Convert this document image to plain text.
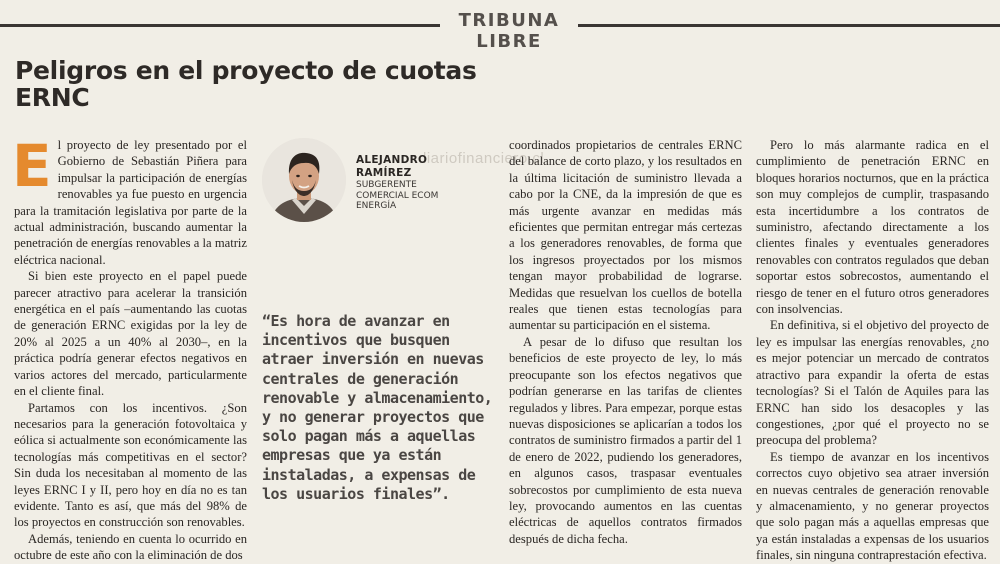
TRIBUNA LIBRE
diariofinanciero.cl
Peligros en el proyecto de cuotas
ERNC

El proyecto de ley presentado por el Gobierno de Sebastián Piñera para impulsar la participación de energías renovables ya fue puesto en urgencia para la tramitación legislativa por parte de la actual administración, buscando aumentar la penetración de energías renovables a la matriz eléctrica nacional.

Si bien este proyecto en el papel puede parecer atractivo para acelerar la transición energética en el país –aumentando las cuotas de generación ERNC exigidas por la ley de 20% al 2025 a un 40% al 2030–, en la práctica podría generar efectos negativos en varios actores del mercado, particularmente en el cliente final.

Partamos con los incentivos. ¿Son necesarios para la generación fotovoltaica y eólica si actualmente son económicamente las tecnologías más competitivas en el sector? Sin duda los necesitaban al momento de las leyes ERNC I y II, pero hoy en día no es tan evidente. Tanto es así, que más del 98% de los proyectos en construcción son renovables.

Además, teniendo en cuenta lo ocurrido en octubre de este año con la eliminación de dos

ALEJANDRO
RAMÍREZ
SUBGERENTE
COMERCIAL ECOM
ENERGÍA
“Es hora de avanzar en incentivos que busquen atraer inversión en nuevas centrales de generación renovable y almacenamiento, y no generar proyectos que solo pagan más a aquellas empresas que ya están instaladas, a expensas de los usuarios finales”.

coordinados propietarios de centrales ERNC del balance de corto plazo, y los resultados en la última licitación de suministro llevada a cabo por la CNE, da la impresión de que es más urgente avanzar en medidas más eficientes que permitan entregar más certezas a los generadores renovables, de forma que los ingresos proyectados por los mismos tengan mayor probabilidad de lograrse. Medidas que resuelvan los cuellos de botella reales que tienen estas tecnologías para aumentar su participación en el sistema.

A pesar de lo difuso que resultan los beneficios de este proyecto de ley, lo más preocupante son los efectos negativos que podrían generarse en las tarifas de clientes regulados y libres. Para empezar, porque estas nuevas disposiciones se aplicarían a todos los contratos de suministro firmados a partir del 1 de enero de 2022, pudiendo los generadores, en algunos casos, traspasar eventuales sobrecostos por cumplimiento de esta nueva ley, provocando aumentos en las cuentas eléctricas de aquellos contratos firmados después de dicha fecha.

Pero lo más alarmante radica en el cumplimiento de penetración ERNC en bloques horarios nocturnos, que en la práctica son muy complejos de cumplir, traspasando esta incertidumbre a los contratos de suministro, afectando directamente a los clientes finales y eventuales generadores renovables con contratos regulados que deban soportar estos sobrecostos, aumentando el riesgo de tener en el futuro otros generadores con insolvencias.

En definitiva, si el objetivo del proyecto de ley es impulsar las energías renovables, ¿no es mejor potenciar un mercado de contratos atractivo para expandir la oferta de estas tecnologías? Si el Talón de Aquiles para las ERNC han sido los desacoples y las congestiones, ¿por qué el proyecto no se preocupa del problema?

Es tiempo de avanzar en los incentivos correctos cuyo objetivo sea atraer inversión en nuevas centrales de generación renovable y almacenamiento, y no generar proyectos que solo pagan más a aquellas empresas que ya están instaladas a expensas de los usuarios finales, sin ninguna contraprestación efectiva.
